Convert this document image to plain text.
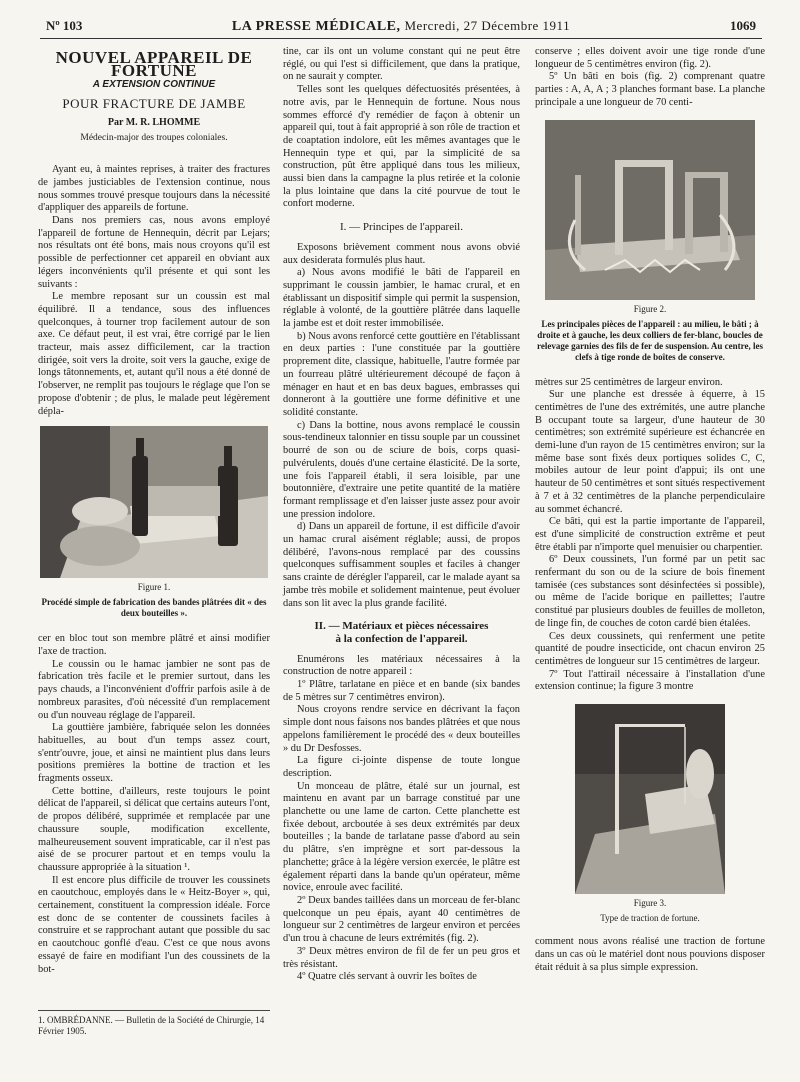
Nº 103	LA PRESSE MÉDICALE, Mercredi, 27 Décembre 1911	1069
NOUVEL APPAREIL DE FORTUNE
A EXTENSION CONTINUE
POUR FRACTURE DE JAMBE
Par M. R. LHOMME
Médecin-major des troupes coloniales.

Ayant eu, à maintes reprises, à traiter des fractures de jambes justiciables de l'extension continue, nous nous sommes trouvé presque toujours dans la nécessité d'appliquer des appareils de fortune.

Dans nos premiers cas, nous avons employé l'appareil de fortune de Hennequin, décrit par Lejars; nos résultats ont été bons, mais nous croyons qu'il est possible de perfectionner cet appareil en obviant aux légers inconvénients qu'il présente et qui sont les suivants :

Le membre reposant sur un coussin est mal équilibré. Il a tendance, sous des influences quelconques, à tourner trop facilement autour de son axe. Ce défaut peut, il est vrai, être corrigé par le lien tracteur, mais assez difficilement, car la traction dirigée, soit vers la droite, soit vers la gauche, exige de longs tâtonnements, et, autant qu'il nous a été donné de l'observer, ne remplit pas toujours le réglage que l'on se propose d'obtenir ; de plus, le malade peut légèrement dépla-

Figure 1.
Procédé simple de fabrication des bandes plâtrées dit « des deux bouteilles ».

cer en bloc tout son membre plâtré et ainsi modifier l'axe de traction.

Le coussin ou le hamac jambier ne sont pas de fabrication très facile et le premier surtout, dans les pays chauds, a l'inconvénient d'offrir parfois asile à de nombreux parasites, d'où nécessité d'un remplacement ou d'un nouveau réglage de l'appareil.

La gouttière jambière, fabriquée selon les données habituelles, au bout d'un temps assez court, s'entr'ouvre, joue, et ainsi ne maintient plus dans leurs positions premières la bottine de traction et les fragments osseux.

Cette bottine, d'ailleurs, reste toujours le point délicat de l'appareil, si délicat que certains auteurs l'ont, de propos délibéré, supprimée et remplacée par une chaussure souple, modification excellente, malheureusement souvent impraticable, car il n'est pas aisé de se procurer partout et en temps voulu la chaussure appropriée à la situation ¹.

Il est encore plus difficile de trouver les coussinets en caoutchouc, employés dans le « Heitz-Boyer », qui, certainement, constituent la compression idéale. Force est donc de se contenter de coussinets faciles à construire et se rapprochant autant que possible du sac en caoutchouc gonflé d'eau. C'est ce que nous avons essayé de faire en modifiant l'un des coussinets de la bot-

1. OMBRÉDANNE. — Bulletin de la Société de Chirurgie, 14 Février 1905.

tine, car ils ont un volume constant qui ne peut être réglé, ou qui l'est si difficilement, que dans la pratique, on ne saurait y compter.

Telles sont les quelques défectuosités présentées, à notre avis, par le Hennequin de fortune. Nous nous sommes efforcé d'y remédier de façon à obtenir un appareil qui, tout à fait approprié à son rôle de traction et de coaptation indolore, eût les mêmes avantages que le Hennequin type et qui, par la simplicité de sa construction, pût être appliqué dans tous les milieux, aussi bien dans la campagne la plus retirée et la colonie la plus lointaine que dans la cité pourvue de tout le confort moderne.

I. — Principes de l'appareil.

Exposons brièvement comment nous avons obvié aux desiderata formulés plus haut.

a) Nous avons modifié le bâti de l'appareil en supprimant le coussin jambier, le hamac crural, et en établissant un dispositif simple qui permit la suspension, réglable à volonté, de la gouttière plâtrée dans laquelle la jambe est et doit rester immobilisée.

b) Nous avons renforcé cette gouttière en l'établissant en deux parties : l'une constituée par la gouttière proprement dite, classique, habituelle, l'autre formée par un fourreau plâtré ultérieurement découpé de façon à ménager en haut et en bas deux bagues, embrasses qui donneront à la gouttière une forme définitive et une solidité constante.

c) Dans la bottine, nous avons remplacé le coussin sous-tendineux talonnier en tissu souple par un coussinet bourré de son ou de sciure de bois, corps quasi-pulvérulents, doués d'une certaine élasticité. De la sorte, une fois l'appareil établi, il sera loisible, par une boutonnière, d'extraire une petite quantité de la matière formant remplissage et d'en laisser juste assez pour avoir une pression indolore.

d) Dans un appareil de fortune, il est difficile d'avoir un hamac crural aisément réglable; aussi, de propos délibéré, l'avons-nous remplacé par des coussins quelconques suffisamment souples et faciles à changer sans crainte de dérégler l'appareil, car le malade ayant sa jambe très mobile et solidement maintenue, peut évoluer dans son lit avec la plus grande facilité.

II. — Matériaux et pièces nécessaires
à la confection de l'appareil.

Enumérons les matériaux nécessaires à la construction de notre appareil :

1º Plâtre, tarlatane en pièce et en bande (six bandes de 5 mètres sur 7 centimètres environ).

Nous croyons rendre service en décrivant la façon simple dont nous faisons nos bandes plâtrées et que nous appelons familièrement le procédé des « deux bouteilles » du Dr Desfosses.

La figure ci-jointe dispense de toute longue description.

Un monceau de plâtre, étalé sur un journal, est maintenu en avant par un barrage constitué par une planchette ou une lame de carton. Cette planchette est fixée debout, arcboutée à ses deux extrémités par deux bouteilles ; la bande de tarlatane passe d'abord au sein du plâtre, s'en imprègne et sort par-dessous la planchette; grâce à la légère version exercée, le plâtre est également réparti dans la bande qu'un opérateur, même novice, enroule avec facilité.

2º Deux bandes taillées dans un morceau de fer-blanc quelconque un peu épais, ayant 40 centimètres de longueur sur 2 centimètres de largeur environ et percées d'un trou à chacune de leurs extrémités (fig. 2).

3º Deux mètres environ de fil de fer un peu gros et très résistant.

4º Quatre clés servant à ouvrir les boîtes de

conserve ; elles doivent avoir une tige ronde d'une longueur de 5 centimètres environ (fig. 2).

5º Un bâti en bois (fig. 2) comprenant quatre parties : A, A, A ; 3 planches formant base. La planche principale a une longueur de 70 centi-

Figure 2.
Les principales pièces de l'appareil : au milieu, le bâti ; à droite et à gauche, les deux colliers de fer-blanc, boucles de relevage garnies des fils de fer de suspension. Au centre, les clefs à tige ronde de boîtes de conserve.

mètres sur 25 centimètres de largeur environ.

Sur une planche est dressée à équerre, à 15 centimètres de l'une des extrémités, une autre planche B occupant toute sa largeur, d'une hauteur de 30 centimètres; son extrémité supérieure est échancrée en demi-lune d'un rayon de 15 centimètres environ; sur la même base sont fixés deux portiques solides C, C, mobiles autour de leur point d'appui; ils ont une hauteur de 50 centimètres et sont situés respectivement à 7 et à 32 centimètres de la planche perpendiculaire au sommet échancré.

Ce bâti, qui est la partie importante de l'appareil, est d'une simplicité de construction extrême et peut être établi par n'importe quel menuisier ou charpentier.

6º Deux coussinets, l'un formé par un petit sac renfermant du son ou de la sciure de bois finement tamisée (ces substances sont désinfectées si possible), ou même de l'acide borique en paillettes; l'autre constitué par plusieurs doubles de feuilles de molleton, de linge fin, de couches de coton cardé bien étalées.

Ces deux coussinets, qui renferment une petite quantité de poudre insecticide, ont chacun environ 25 centimètres de longueur sur 15 centimètres de largeur.

7º Tout l'attirail nécessaire à l'installation d'une extension continue; la figure 3 montre

Figure 3.
Type de traction de fortune.

comment nous avons réalisé une traction de fortune dans un cas où le matériel dont nous pouvions disposer était réduit à sa plus simple expression.
